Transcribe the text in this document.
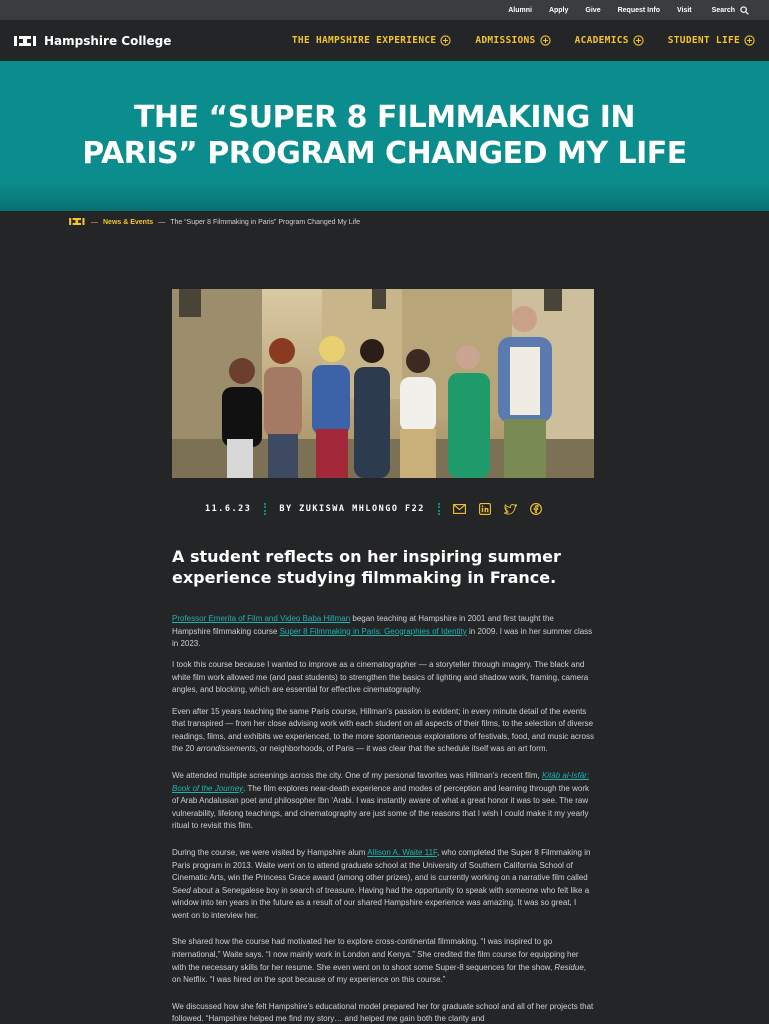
Alumni Apply Give Request Info Visit	Search
Hampshire College	THE HAMPSHIRE EXPERIENCE	ADMISSIONS	ACADEMICS	STUDENT LIFE
THE “SUPER 8 FILMMAKING IN PARIS” PROGRAM CHANGED MY LIFE
— News & Events — The “Super 8 Filmmaking in Paris” Program Changed My Life
11.6.23	BY ZUKISWA MHLONGO F22
A student reflects on her inspiring summer experience studying filmmaking in France.

Professor Emerita of Film and Video Baba Hillman began teaching at Hampshire in 2001 and first taught the Hampshire filmmaking course Super 8 Filmmaking in Paris: Geographies of Identity in 2009. I was in her summer class in 2023.

I took this course because I wanted to improve as a cinematographer — a storyteller through imagery. The black and white film work allowed me (and past students) to strengthen the basics of lighting and shadow work, framing, camera angles, and blocking, which are essential for effective cinematography.

Even after 15 years teaching the same Paris course, Hillman’s passion is evident; in every minute detail of the events that transpired — from her close advising work with each student on all aspects of their films, to the selection of diverse readings, films, and exhibits we experienced, to the more spontaneous explorations of festivals, food, and music across the 20 arrondissements, or neighborhoods, of Paris — it was clear that the schedule itself was an art form.

We attended multiple screenings across the city. One of my personal favorites was Hillman’s recent film, Kitāb al-Isfār: Book of the Journey. The film explores near-death experience and modes of perception and learning through the work of Arab Andalusian poet and philosopher Ibn ‘Arabi. I was instantly aware of what a great honor it was to see. The raw vulnerability, lifelong teachings, and cinematography are just some of the reasons that I wish I could make it my yearly ritual to revisit this film.

During the course, we were visited by Hampshire alum Allison A. Waite 11F, who completed the Super 8 Filmmaking in Paris program in 2013. Waite went on to attend graduate school at the University of Southern California School of Cinematic Arts, win the Princess Grace award (among other prizes), and is currently working on a narrative film called Seed about a Senegalese boy in search of treasure. Having had the opportunity to speak with someone who felt like a window into ten years in the future as a result of our shared Hampshire experience was amazing. It was so great, I went on to interview her.

She shared how the course had motivated her to explore cross-continental filmmaking. “I was inspired to go international,” Waite says. “I now mainly work in London and Kenya.” She credited the film course for equipping her with the necessary skills for her resume. She even went on to shoot some Super-8 sequences for the show, Residue, on Netflix. “I was hired on the spot because of my experience on this course.”

We discussed how she felt Hampshire’s educational model prepared her for graduate school and all of her projects that followed. “Hampshire helped me find my story… and helped me gain both the clarity and
